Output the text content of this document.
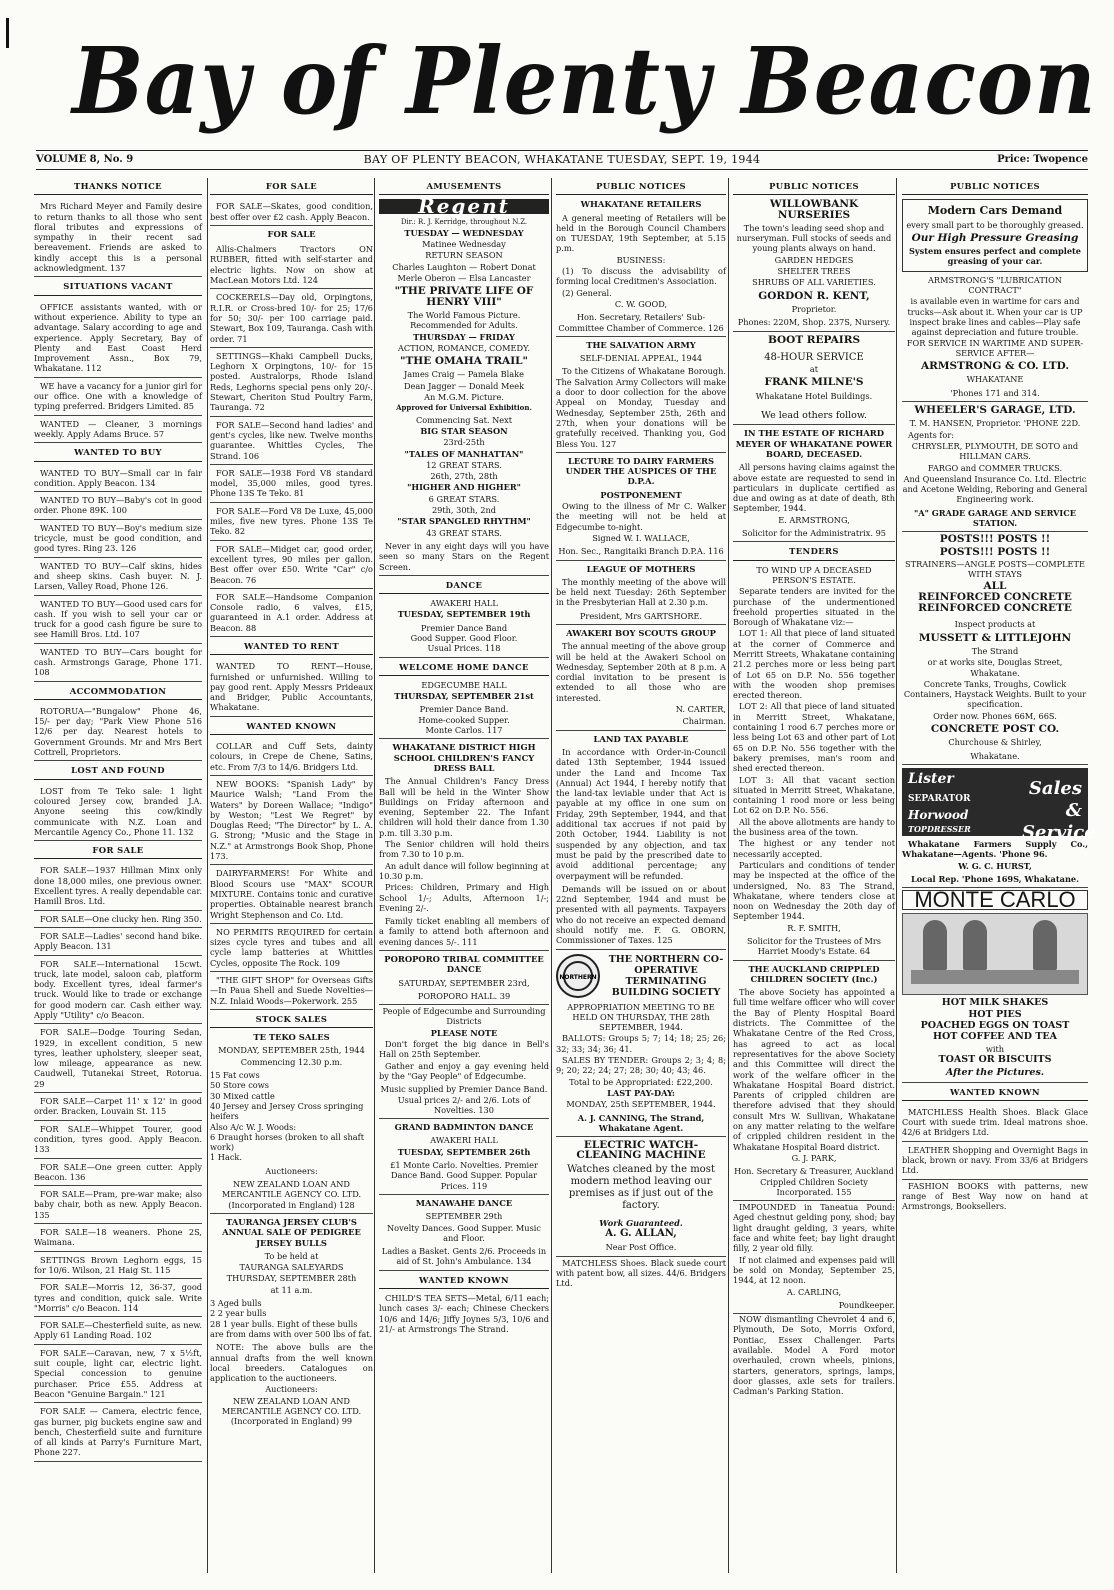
Bay of Plenty Beacon
VOLUME 8, No. 9	BAY OF PLENTY BEACON, WHAKATANE TUESDAY, SEPT. 19, 1944	Price: Twopence
THANKS NOTICE
Mrs Richard Meyer and Family desire to return thanks to all those who sent floral tributes and expressions of sympathy in their recent sad bereavement. Friends are asked to kindly accept this is a personal acknowledgment. 137
SITUATIONS VACANT
OFFICE assistants wanted, with or without experience. Ability to type an advantage. Salary according to age and experience. Apply Secretary, Bay of Plenty and East Coast Herd Improvement Assn., Box 79, Whakatane. 112
WE have a vacancy for a junior girl for our office. One with a knowledge of typing preferred. Bridgers Limited. 85
WANTED — Cleaner, 3 mornings weekly. Apply Adams Bruce. 57
WANTED TO BUY
WANTED TO BUY—Small car in fair condition. Apply Beacon. 134
WANTED TO BUY—Baby's cot in good order. Phone 89K. 100
WANTED TO BUY—Boy's medium size tricycle, must be good condition, and good tyres. Ring 23. 126
WANTED TO BUY—Calf skins, hides and sheep skins. Cash buyer. N. J. Larsen, Valley Road, Phone 126.
WANTED TO BUY—Good used cars for cash. If you wish to sell your car or truck for a good cash figure be sure to see Hamill Bros. Ltd. 107
WANTED TO BUY—Cars bought for cash. Armstrongs Garage, Phone 171. 108
ACCOMMODATION
ROTORUA—"Bungalow" Phone 46, 15/- per day; "Park View Phone 516 12/6 per day. Nearest hotels to Government Grounds. Mr and Mrs Bert Cottrell, Proprietors.
LOST AND FOUND
LOST from Te Teko sale: 1 light coloured Jersey cow, branded J.A. Anyone seeing this cow/kindly communicate with N.Z. Loan and Mercantile Agency Co., Phone 11. 132
FOR SALE
FOR SALE—1937 Hillman Minx only done 18,000 miles, one previous owner. Excellent tyres. A really dependable car. Hamill Bros. Ltd.
FOR SALE—One clucky hen. Ring 350.
FOR SALE—Ladies' second hand bike. Apply Beacon. 131
FOR SALE—International 15cwt. truck, late model, saloon cab, platform body. Excellent tyres, ideal farmer's truck. Would like to trade or exchange for good modern car. Cash either way. Apply "Utility" c/o Beacon.
FOR SALE—Dodge Touring Sedan, 1929, in excellent condition, 5 new tyres, leather upholstery, sleeper seat, low mileage, appearance as new. Caudwell, Tutanekai Street, Rotorua. 29
FOR SALE—Carpet 11' x 12' in good order. Bracken, Louvain St. 115
FOR SALE—Whippet Tourer, good condition, tyres good. Apply Beacon. 133
FOR SALE—One green cutter. Apply Beacon. 136
FOR SALE—Pram, pre-war make; also baby chair, both as new. Apply Beacon. 135
FOR SALE—18 weaners. Phone 2S, Waimana.
SETTINGS Brown Leghorn eggs, 15 for 10/6. Wilson, 21 Haig St. 115
FOR SALE—Morris 12, 36-37, good tyres and condition, quick sale. Write "Morris" c/o Beacon. 114
FOR SALE—Chesterfield suite, as new. Apply 61 Landing Road. 102
FOR SALE—Caravan, new, 7 x 5½ft, suit couple, light car, electric light. Special concession to genuine purchaser. Price £55. Address at Beacon "Genuine Bargain." 121
FOR SALE — Camera, electric fence, gas burner, pig buckets engine saw and bench, Chesterfield suite and furniture of all kinds at Parry's Furniture Mart, Phone 227.
FOR SALE
FOR SALE—Skates, good condition, best offer over £2 cash. Apply Beacon.
FOR SALE
Allis-Chalmers Tractors ON RUBBER, fitted with self-starter and electric lights. Now on show at MacLean Motors Ltd. 124
COCKERELS—Day old, Orpingtons, R.I.R. or Cross-bred 10/- for 25; 17/6 for 50; 30/- per 100 carriage paid. Stewart, Box 109, Tauranga. Cash with order. 71
SETTINGS—Khaki Campbell Ducks, Leghorn X Orpingtons, 10/- for 15 posted. Australorps, Rhode Island Reds, Leghorns special pens only 20/-. Stewart, Cheriton Stud Poultry Farm, Tauranga. 72
FOR SALE—Second hand ladies' and gent's cycles, like new. Twelve months guarantee. Whittles Cycles, The Strand. 106
FOR SALE—1938 Ford V8 standard model, 35,000 miles, good tyres. Phone 13S Te Teko. 81
FOR SALE—Ford V8 De Luxe, 45,000 miles, five new tyres. Phone 13S Te Teko. 82
FOR SALE—Midget car, good order, excellent tyres, 90 miles per gallon. Best offer over £50. Write "Car" c/o Beacon. 76
FOR SALE—Handsome Companion Console radio, 6 valves, £15, guaranteed in A.1 order. Address at Beacon. 88
WANTED TO RENT
WANTED TO RENT—House, furnished or unfurnished. Willing to pay good rent. Apply Messrs Prideaux and Bridger, Public Accountants, Whakatane.
WANTED KNOWN
COLLAR and Cuff Sets, dainty colours, in Crepe de Chene, Satins, etc. From 7/3 to 14/6. Bridgers Ltd.
NEW BOOKS: "Spanish Lady" by Maurice Walsh; "Land From the Waters" by Doreen Wallace; "Indigo" by Weston; "Lest We Regret" by Douglas Reed; "The Director" by L. A. G. Strong; "Music and the Stage in N.Z." at Armstrongs Book Shop, Phone 173.
DAIRYFARMERS! For White and Blood Scours use "MAX" SCOUR MIXTURE. Contains tonic and curative properties. Obtainable nearest branch Wright Stephenson and Co. Ltd.
NO PERMITS REQUIRED for certain sizes cycle tyres and tubes and all cycle lamp batteries at Whittles Cycles, opposite The Rock. 109
"THE GIFT SHOP" for Overseas Gifts—In Paua Shell and Suede Novelties—N.Z. Inlaid Woods—Pokerwork. 255
STOCK SALES
TE TEKO SALES
MONDAY, SEPTEMBER 25th, 1944
Commencing 12.30 p.m.
15 Fat cows
50 Store cows
30 Mixed cattle
40 Jersey and Jersey Cross springing heifers
Also A/c W. J. Woods:
6 Draught horses (broken to all shaft work)
1 Hack.
Auctioneers:
NEW ZEALAND LOAN AND MERCANTILE AGENCY CO. LTD. (Incorporated in England) 128
TAURANGA JERSEY CLUB'S ANNUAL SALE OF PEDIGREE JERSEY BULLS
To be held at
TAURANGA SALEYARDS
THURSDAY, SEPTEMBER 28th
at 11 a.m.
3 Aged bulls
2 2 year bulls
28 1 year bulls. Eight of these bulls are from dams with over 500 lbs of fat.
NOTE: The above bulls are the annual drafts from the well known local breeders. Catalogues on application to the auctioneers.
Auctioneers:
NEW ZEALAND LOAN AND MERCANTILE AGENCY CO. LTD. (Incorporated in England) 99
AMUSEMENTS
Regent
Dir.: R. J. Kerridge, throughout N.Z.
TUESDAY — WEDNESDAY
Matinee Wednesday
RETURN SEASON
Charles Laughton — Robert Donat
Merle Oberon — Elsa Lancaster
"THE PRIVATE LIFE OF HENRY VIII"
The World Famous Picture. Recommended for Adults.
THURSDAY — FRIDAY
ACTION, ROMANCE, COMEDY.
"THE OMAHA TRAIL"
James Craig — Pamela Blake
Dean Jagger — Donald Meek
An M.G.M. Picture.
Approved for Universal Exhibition.
Commencing Sat. Next
BIG STAR SEASON
23rd-25th
"TALES OF MANHATTAN"
12 GREAT STARS.
26th, 27th, 28th
"HIGHER AND HIGHER"
6 GREAT STARS.
29th, 30th, 2nd
"STAR SPANGLED RHYTHM"
43 GREAT STARS.
Never in any eight days will you have seen so many Stars on the Regent Screen.
DANCE
AWAKERI HALL
TUESDAY, SEPTEMBER 19th
Premier Dance Band
Good Supper. Good Floor.
Usual Prices. 118
WELCOME HOME DANCE
EDGECUMBE HALL
THURSDAY, SEPTEMBER 21st
Premier Dance Band.
Home-cooked Supper.
Monte Carlos. 117
WHAKATANE DISTRICT HIGH SCHOOL CHILDREN'S FANCY DRESS BALL
The Annual Children's Fancy Dress Ball will be held in the Winter Show Buildings on Friday afternoon and evening, September 22. The Infant children will hold their dance from 1.30 p.m. till 3.30 p.m.
The Senior children will hold theirs from 7.30 to 10 p.m.
An adult dance will follow beginning at 10.30 p.m.
Prices: Children, Primary and High School 1/-; Adults, Afternoon 1/-; Evening 2/-.
Family ticket enabling all members of a family to attend both afternoon and evening dances 5/-. 111
POROPORO TRIBAL COMMITTEE DANCE
SATURDAY, SEPTEMBER 23rd,
POROPORO HALL. 39
People of Edgecumbe and Surrounding Districts
PLEASE NOTE
Don't forget the big dance in Bell's Hall on 25th September.
Gather and enjoy a gay evening held by the "Gay People" of Edgecumbe.
Music supplied by Premier Dance Band. Usual prices 2/- and 2/6. Lots of Novelties. 130
GRAND BADMINTON DANCE
AWAKERI HALL
TUESDAY, SEPTEMBER 26th
£1 Monte Carlo. Novelties. Premier Dance Band. Good Supper. Popular Prices. 119
MANAWAHE DANCE
SEPTEMBER 29th
Novelty Dances. Good Supper. Music and Floor.
Ladies a Basket. Gents 2/6. Proceeds in aid of St. John's Ambulance. 134
WANTED KNOWN
CHILD'S TEA SETS—Metal, 6/11 each; lunch cases 3/- each; Chinese Checkers 10/6 and 14/6; Jiffy Joynes 5/3, 10/6 and 21/- at Armstrongs The Strand.
PUBLIC NOTICES
WHAKATANE RETAILERS
A general meeting of Retailers will be held in the Borough Council Chambers on TUESDAY, 19th September, at 5.15 p.m.
BUSINESS:
(1) To discuss the advisability of forming local Creditmen's Association.
(2) General.
C. W. GOOD,
Hon. Secretary, Retailers' Sub-Committee Chamber of Commerce. 126
THE SALVATION ARMY
SELF-DENIAL APPEAL, 1944
To the Citizens of Whakatane Borough. The Salvation Army Collectors will make a door to door collection for the above Appeal on Monday, Tuesday and Wednesday, September 25th, 26th and 27th, when your donations will be gratefully received. Thanking you, God Bless You. 127
LECTURE TO DAIRY FARMERS UNDER THE AUSPICES OF THE D.P.A.
POSTPONEMENT
Owing to the illness of Mr C. Walker the meeting will not be held at Edgecumbe to-night.
Signed W. I. WALLACE,
Hon. Sec., Rangitaiki Branch D.P.A. 116
LEAGUE OF MOTHERS
The monthly meeting of the above will be held next Tuesday: 26th September in the Presbyterian Hall at 2.30 p.m.
President, Mrs GARTSHORE.
AWAKERI BOY SCOUTS GROUP
The annual meeting of the above group will be held at the Awakeri School on Wednesday, September 20th at 8 p.m. A cordial invitation to be present is extended to all those who are interested.
N. CARTER,
Chairman.
LAND TAX PAYABLE
In accordance with Order-in-Council dated 13th September, 1944 issued under the Land and Income Tax (Annual) Act 1944, I hereby notify that the land-tax leviable under that Act is payable at my office in one sum on Friday, 29th September, 1944, and that additional tax accrues if not paid by 20th October, 1944. Liability is not suspended by any objection, and tax must be paid by the prescribed date to avoid additional percentage; any overpayment will be refunded.
Demands will be issued on or about 22nd September, 1944 and must be presented with all payments. Taxpayers who do not receive an expected demand should notify me. F. G. OBORN, Commissioner of Taxes. 125
NORTHERN
THE NORTHERN CO-OPERATIVE TERMINATING BUILDING SOCIETY
APPROPRIATION MEETING TO BE HELD ON THURSDAY, THE 28th SEPTEMBER, 1944.
BALLOTS: Groups 5; 7; 14; 18; 25; 26; 32; 33; 34; 36; 41.
SALES BY TENDER: Groups 2; 3; 4; 8; 9; 20; 22; 24; 27; 28; 30; 40; 43; 46.
Total to be Appropriated: £22,200.
LAST PAY-DAY:
MONDAY, 25th SEPTEMBER, 1944.
A. J. CANNING, The Strand, Whakatane Agent.
ELECTRIC WATCH-CLEANING MACHINE
Watches cleaned by the most modern method leaving our premises as if just out of the factory.
Work Guaranteed.
A. G. ALLAN,
Near Post Office.
MATCHLESS Shoes. Black suede court with patent bow, all sizes. 44/6. Bridgers Ltd.
PUBLIC NOTICES
WILLOWBANK NURSERIES
The town's leading seed shop and nurseryman. Full stocks of seeds and young plants always on hand.
GARDEN HEDGES
SHELTER TREES
SHRUBS OF ALL VARIETIES.
GORDON R. KENT,
Proprietor.
Phones: 220M, Shop. 237S, Nursery.
BOOT REPAIRS
48-HOUR SERVICE
at
FRANK MILNE'S
Whakatane Hotel Buildings.
We lead others follow.
IN THE ESTATE OF RICHARD MEYER OF WHAKATANE POWER BOARD, DECEASED.
All persons having claims against the above estate are requested to send in particulars in duplicate certified as due and owing as at date of death, 8th September, 1944.
E. ARMSTRONG,
Solicitor for the Administratrix. 95
TENDERS
TO WIND UP A DECEASED PERSON'S ESTATE.
Separate tenders are invited for the purchase of the undermentioned freehold properties situated in the Borough of Whakatane viz:—
LOT 1: All that piece of land situated at the corner of Commerce and Merritt Streets, Whakatane containing 21.2 perches more or less being part of Lot 65 on D.P. No. 556 together with the wooden shop premises erected thereon.
LOT 2: All that piece of land situated in Merritt Street, Whakatane, containing 1 rood 6.7 perches more or less being Lot 63 and other part of Lot 65 on D.P. No. 556 together with the bakery premises, man's room and shed erected thereon.
LOT 3: All that vacant section situated in Merritt Street, Whakatane, containing 1 rood more or less being Lot 62 on D.P. No. 556.
All the above allotments are handy to the business area of the town.
The highest or any tender not necessarily accepted.
Particulars and conditions of tender may be inspected at the office of the undersigned, No. 83 The Strand, Whakatane, where tenders close at noon on Wednesday the 20th day of September 1944.
R. F. SMITH,
Solicitor for the Trustees of Mrs Harriet Moody's Estate. 64
THE AUCKLAND CRIPPLED CHILDREN SOCIETY (Inc.)
The above Society has appointed a full time welfare officer who will cover the Bay of Plenty Hospital Board districts. The Committee of the Whakatane Centre of the Red Cross, has agreed to act as local representatives for the above Society and this Committee will direct the work of the welfare officer in the Whakatane Hospital Board district. Parents of crippled children are therefore advised that they should consult Mrs W. Sullivan, Whakatane on any matter relating to the welfare of crippled children resident in the Whakatane Hospital Board district.
G. J. PARK,
Hon. Secretary & Treasurer, Auckland Crippled Children Society Incorporated. 155
IMPOUNDED in Taneatua Pound: Aged chestnut gelding pony, shod; bay light draught gelding, 3 years, white face and white feet; bay light draught filly, 2 year old filly.
If not claimed and expenses paid will be sold on Monday, September 25, 1944, at 12 noon.
A. CARLING,
Poundkeeper.
NOW dismantling Chevrolet 4 and 6, Plymouth, De Soto, Morris Oxford, Pontiac, Essex Challenger. Parts available. Model A Ford motor overhauled, crown wheels, pinions, starters, generators, springs, lamps, door glasses, axle sets for trailers. Cadman's Parking Station.
PUBLIC NOTICES
Modern Cars Demand
every small part to be thoroughly greased.
Our High Pressure Greasing
System ensures perfect and complete greasing of your car.
ARMSTRONG'S "LUBRICATION CONTRACT"
is available even in wartime for cars and trucks—Ask about it. When your car is UP inspect brake lines and cables—Play safe against depreciation and future trouble. FOR SERVICE IN WARTIME AND SUPER-SERVICE AFTER—
ARMSTRONG & CO. LTD.
WHAKATANE
'Phones 171 and 314.
WHEELER'S GARAGE, LTD.
T. M. HANSEN, Proprietor. 'PHONE 22D.
Agents for:
CHRYSLER, PLYMOUTH, DE SOTO and HILLMAN CARS.
FARGO and COMMER TRUCKS.
And Queensland Insurance Co. Ltd. Electric and Acetone Welding, Reboring and General Engineering work.
"A" GRADE GARAGE AND SERVICE STATION.
POSTS!!! POSTS !!
POSTS!!! POSTS !!
STRAINERS—ANGLE POSTS—COMPLETE WITH STAYS
ALL
REINFORCED CONCRETE
REINFORCED CONCRETE
Inspect products at
MUSSETT & LITTLEJOHN
The Strand
or at works site, Douglas Street, Whakatane.
Concrete Tanks, Troughs, Cowlick Containers, Haystack Weights. Built to your specification.
Order now. Phones 66M, 66S.
CONCRETE POST CO.
Churchouse & Shirley,
Whakatane.
Lister
SEPARATOR
Horwood
TOPDRESSER
Sales & Service
Whakatane Farmers Supply Co., Whakatane—Agents. 'Phone 96.
W. G. C. HURST,
Local Rep. 'Phone 169S, Whakatane.
MONTE CARLO
HOT MILK SHAKES
HOT PIES
POACHED EGGS ON TOAST
HOT COFFEE AND TEA
with
TOAST OR BISCUITS
After the Pictures.
WANTED KNOWN
MATCHLESS Health Shoes. Black Glace Court with suede trim. Ideal matrons shoe. 42/6 at Bridgers Ltd.
LEATHER Shopping and Overnight Bags in black, brown or navy. From 33/6 at Bridgers Ltd.
FASHION BOOKS with patterns, new range of Best Way now on hand at Armstrongs, Booksellers.
